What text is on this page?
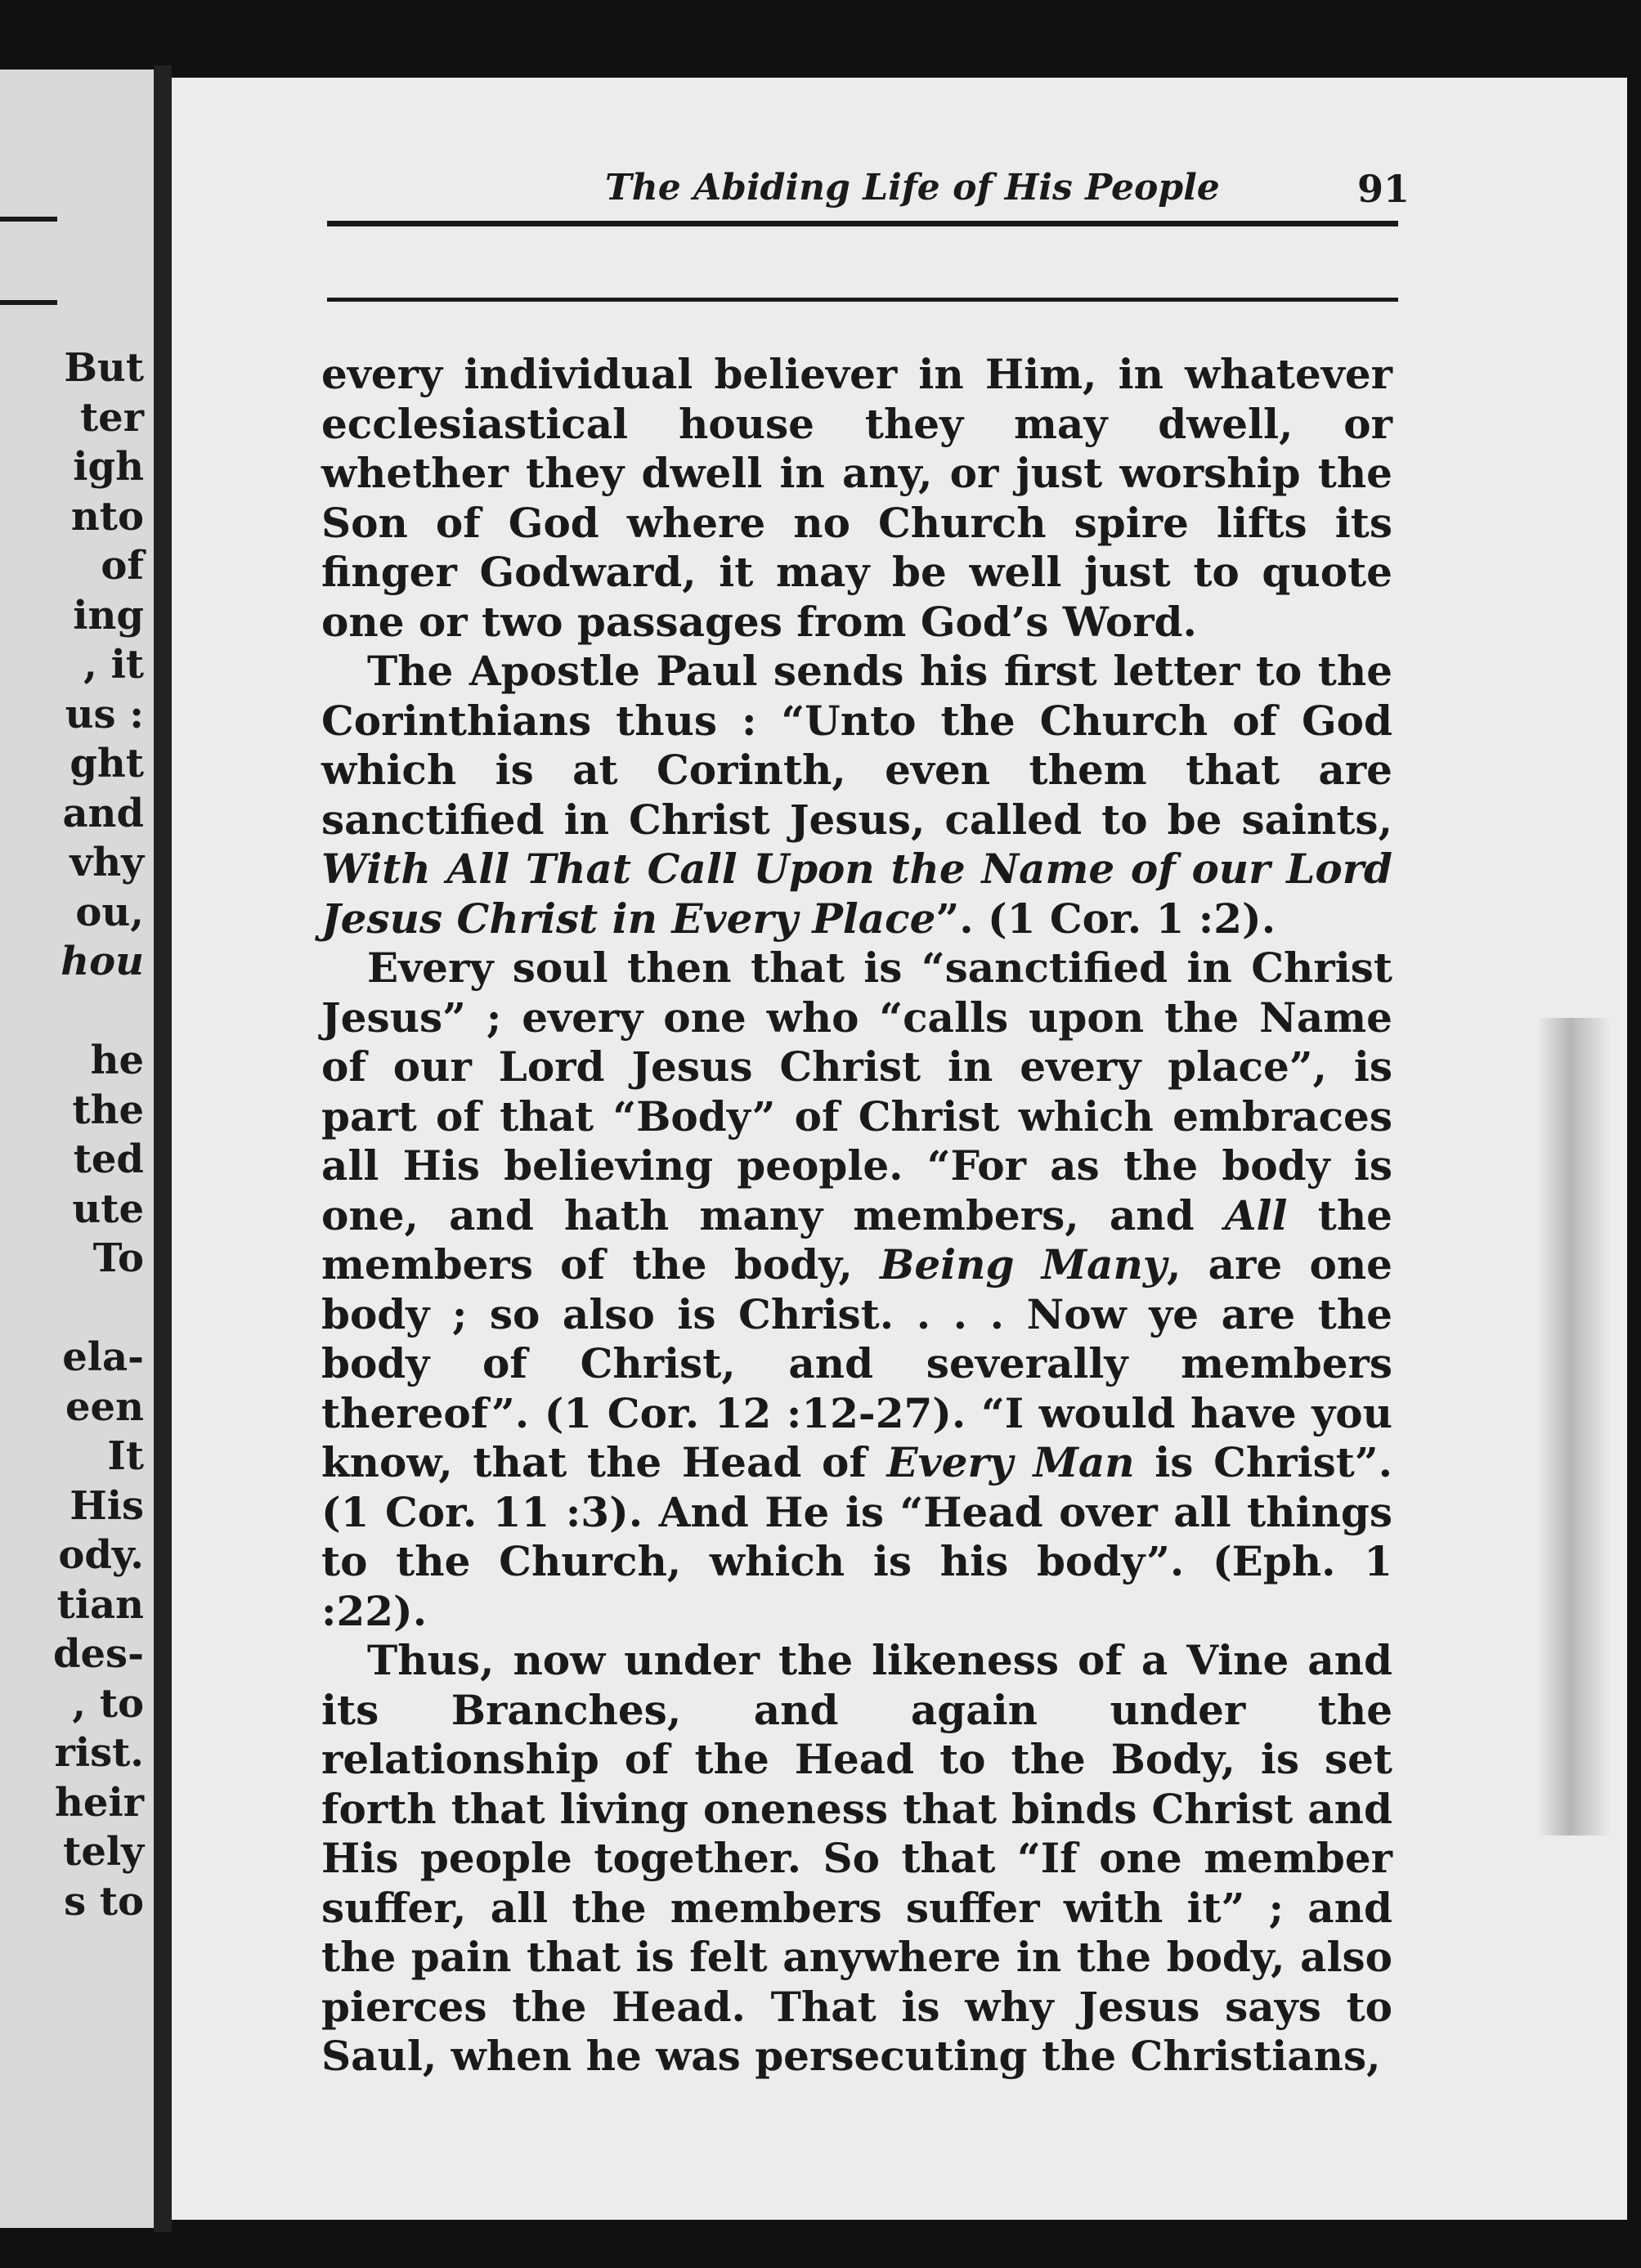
But
ter
igh
nto
of
ing
, it
us :
ght
and
vhy
ou,
hou
he
the
ted
ute
To
ela-
een
It
His
ody.
tian
des-
, to
rist.
heir
tely
s to
The Abiding Life of His People	91

every individual believer in Him, in whatever ecclesiastical house they may dwell, or whether they dwell in any, or just worship the Son of God where no Church spire lifts its finger Godward, it may be well just to quote one or two passages from God’s Word.

The Apostle Paul sends his first letter to the Corinthians thus : “Unto the Church of God which is at Corinth, even them that are sanctified in Christ Jesus, called to be saints, With All That Call Upon the Name of our Lord Jesus Christ in Every Place”. (1 Cor. 1 :2).

Every soul then that is “sanctified in Christ Jesus” ; every one who “calls upon the Name of our Lord Jesus Christ in every place”, is part of that “Body” of Christ which embraces all His believing people. “For as the body is one, and hath many members, and All the members of the body, Being Many, are one body ; so also is Christ. . . . Now ye are the body of Christ, and severally members thereof”. (1 Cor. 12 :12-27). “I would have you know, that the Head of Every Man is Christ”. (1 Cor. 11 :3). And He is “Head over all things to the Church, which is his body”. (Eph. 1 :22).

Thus, now under the likeness of a Vine and its Branches, and again under the relationship of the Head to the Body, is set forth that living oneness that binds Christ and His people together. So that “If one member suffer, all the members suffer with it” ; and the pain that is felt anywhere in the body, also pierces the Head. That is why Jesus says to Saul, when he was persecuting the Christians,
